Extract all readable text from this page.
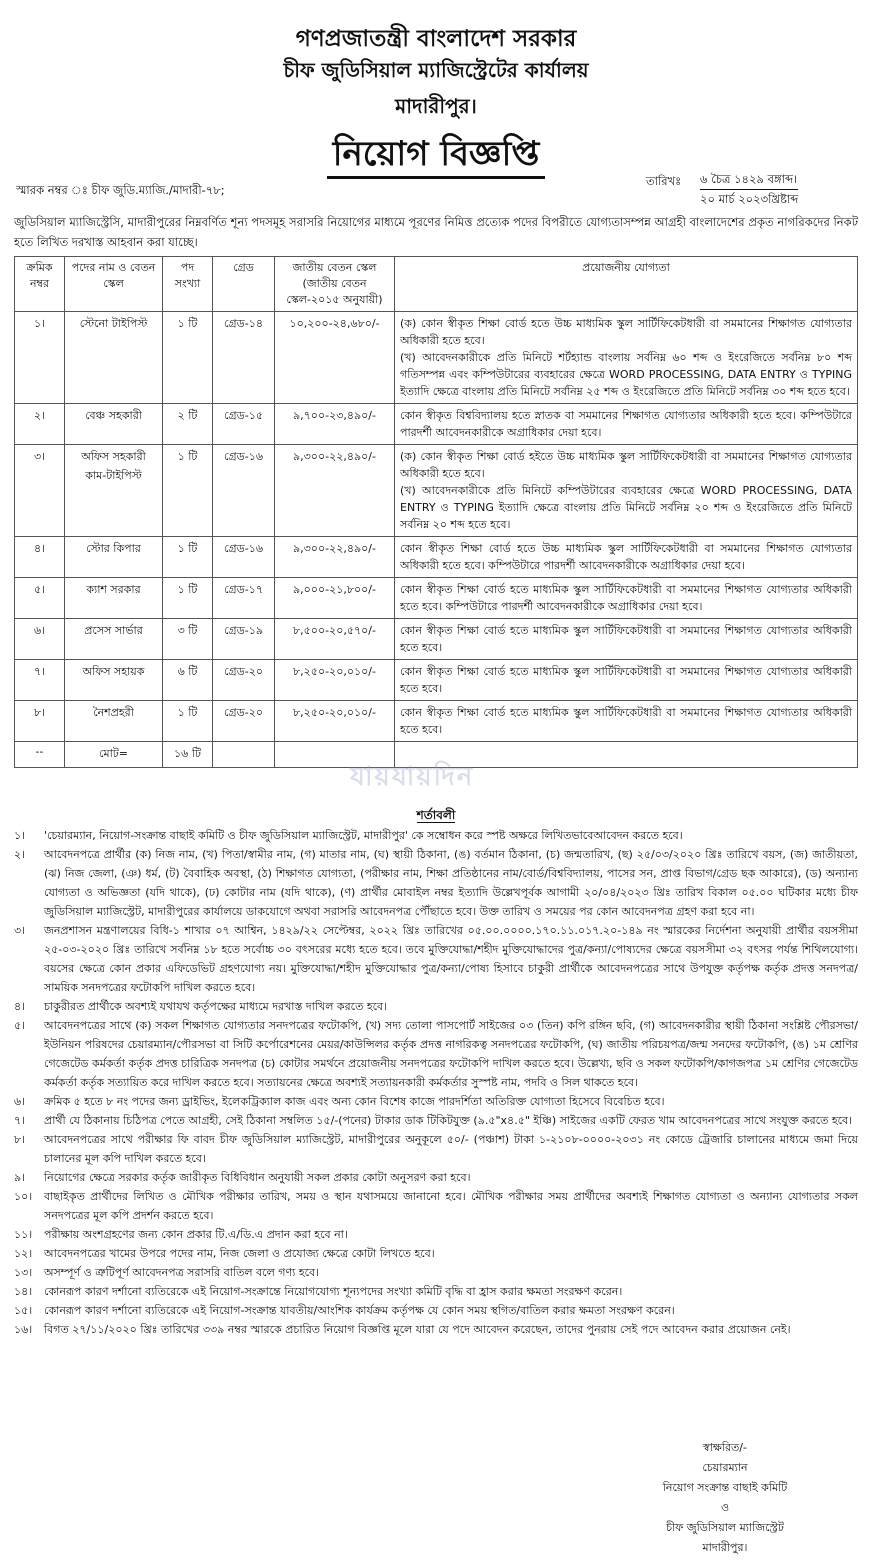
গণপ্রজাতন্ত্রী বাংলাদেশ সরকার
চীফ জুডিসিয়াল ম্যাজিস্ট্রেটের কার্যালয়
মাদারীপুর।
নিয়োগ বিজ্ঞপ্তি
স্মারক নম্বর ঃ চীফ জুডি.ম্যাজি./মাদারী-৭৮;
তারিখঃ ৬ চৈত্র ১৪২৯ বঙ্গাব্দ।
২০ মার্চ ২০২৩খ্রিষ্টাব্দ
জুডিসিয়াল ম্যাজিস্ট্রেসি, মাদারীপুরের নিম্নবর্ণিত শূন্য পদসমূহ সরাসরি নিয়োগের মাধ্যমে পূরণের নিমিত্ত প্রত্যেক পদের বিপরীতে যোগ্যতাসম্পন্ন আগ্রহী বাংলাদেশের প্রকৃত নাগরিকদের নিকট হতে লিখিত দরখাস্ত আহবান করা যাচ্ছে।
ক্রমিক নম্বর	পদের নাম ও বেতন স্কেল	পদ সংখ্যা	গ্রেড	জাতীয় বেতন স্কেল (জাতীয় বেতন স্কেল-২০১৫ অনুযায়ী)	প্রয়োজনীয় যোগ্যতা
১।	স্টেনো টাইপিস্ট	১ টি	গ্রেড-১৪	১০,২০০-২৪,৬৮০/-	(ক) কোন স্বীকৃত শিক্ষা বোর্ড হতে উচ্চ মাধ্যমিক স্কুল সার্টিফিকেটধারী বা সমমানের শিক্ষাগত যোগ্যতার অধিকারী হতে হবে।
(খ) আবেদনকারীকে প্রতি মিনিটে শর্টহ্যান্ড বাংলায় সর্বনিম্ন ৬০ শব্দ ও ইংরেজিতে সর্বনিম্ন ৮০ শব্দ গতিসম্পন্ন এবং কম্পিউটারের ব্যবহারের ক্ষেত্রে WORD PROCESSING, DATA ENTRY ও TYPING ইত্যাদি ক্ষেত্রে বাংলায় প্রতি মিনিটে সর্বনিম্ন ২৫ শব্দ ও ইংরেজিতে প্রতি মিনিটে সর্বনিম্ন ৩০ শব্দ হতে হবে।

২।	বেঞ্চ সহকারী	২ টি	গ্রেড-১৫	৯,৭০০-২৩,৪৯০/-	কোন স্বীকৃত বিশ্ববিদ্যালয় হতে স্নাতক বা সমমানের শিক্ষাগত যোগ্যতার অধিকারী হতে হবে। কম্পিউটারে পারদর্শী আবেদনকারীকে অগ্রাধিকার দেয়া হবে।

৩।	অফিস সহকারী কাম-টাইপিস্ট	১ টি	গ্রেড-১৬	৯,৩০০-২২,৪৯০/-	(ক) কোন স্বীকৃত শিক্ষা বোর্ড হইতে উচ্চ মাধ্যমিক স্কুল সার্টিফিকেটধারী বা সমমানের শিক্ষাগত যোগ্যতার অধিকারী হতে হবে।
(খ) আবেদনকারীকে প্রতি মিনিটে কম্পিউটারের ব্যবহারের ক্ষেত্রে WORD PROCESSING, DATA ENTRY ও TYPING ইত্যাদি ক্ষেত্রে বাংলায় প্রতি মিনিটে সর্বনিম্ন ২০ শব্দ ও ইংরেজিতে প্রতি মিনিটে সর্বনিম্ন ২০ শব্দ হতে হবে।

৪।	স্টোর কিপার	১ টি	গ্রেড-১৬	৯,৩০০-২২,৪৯০/-	কোন স্বীকৃত শিক্ষা বোর্ড হতে উচ্চ মাধ্যমিক স্কুল সার্টিফিকেটধারী বা সমমানের শিক্ষাগত যোগ্যতার অধিকারী হতে হবে। কম্পিউটারে পারদর্শী আবেদনকারীকে অগ্রাধিকার দেয়া হবে।

৫।	ক্যাশ সরকার	১ টি	গ্রেড-১৭	৯,০০০-২১,৮০০/-	কোন স্বীকৃত শিক্ষা বোর্ড হতে মাধ্যমিক স্কুল সার্টিফিকেটধারী বা সমমানের শিক্ষাগত যোগ্যতার অধিকারী হতে হবে। কম্পিউটারে পারদর্শী আবেদনকারীকে অগ্রাধিকার দেয়া হবে।

৬।	প্রসেস সার্ভার	৩ টি	গ্রেড-১৯	৮,৫০০-২০,৫৭০/-	কোন স্বীকৃত শিক্ষা বোর্ড হতে মাধ্যমিক স্কুল সার্টিফিকেটধারী বা সমমানের শিক্ষাগত যোগ্যতার অধিকারী হতে হবে।

৭।	অফিস সহায়ক	৬ টি	গ্রেড-২০	৮,২৫০-২০,০১০/-	কোন স্বীকৃত শিক্ষা বোর্ড হতে মাধ্যমিক স্কুল সার্টিফিকেটধারী বা সমমানের শিক্ষাগত যোগ্যতার অধিকারী হতে হবে।

৮।	নৈশপ্রহরী	১ টি	গ্রেড-২০	৮,২৫০-২০,০১০/-	কোন স্বীকৃত শিক্ষা বোর্ড হতে মাধ্যমিক স্কুল সার্টিফিকেটধারী বা সমমানের শিক্ষাগত যোগ্যতার অধিকারী হতে হবে।

--	মোট=	১৬ টি			
যায়যায়দিন
শর্তাবলী
১।	'চেয়ারম্যান, নিয়োগ-সংক্রান্ত বাছাই কমিটি ও চীফ জুডিসিয়াল ম্যাজিস্ট্রেট, মাদারীপুর' কে সম্বোধন করে স্পষ্ট অক্ষরে লিখিতভাবেআবেদন করতে হবে।
২।	আবেদনপত্রে প্রার্থীর (ক) নিজ নাম, (খ) পিতা/স্বামীর নাম, (গ) মাতার নাম, (ঘ) স্থায়ী ঠিকানা, (ঙ) বর্তমান ঠিকানা, (চ) জন্মতারিখ, (ছ) ২৫/০৩/২০২০ খ্রিঃ তারিখে বয়স, (জ) জাতীয়তা, (ঝ) নিজ জেলা, (ঞ) ধর্ম, (ট) বৈবাহিক অবস্থা, (ঠ) শিক্ষাগত যোগ্যতা, (পরীক্ষার নাম, শিক্ষা প্রতিষ্ঠানের নাম/বোর্ড/বিশ্ববিদ্যালয়, পাসের সন, প্রাপ্ত বিভাগ/গ্রেড ছক আকারে), (ড) অন্যান্য যোগ্যতা ও অভিজ্ঞতা (যদি থাকে), (ঢ) কোটার নাম (যদি থাকে), (ণ) প্রার্থীর মোবাইল নম্বর ইত্যাদি উল্লেখপূর্বক আগামী ২০/০৪/২০২৩ খ্রিঃ তারিখ বিকাল ০৫.০০ ঘটিকার মধ্যে চীফ জুডিসিয়াল ম্যাজিস্ট্রেট, মাদারীপুরের কার্যালয়ে ডাকযোগে অথবা সরাসরি আবেদনপত্র পৌঁছাতে হবে। উক্ত তারিখ ও সময়ের পর কোন আবেদনপত্র গ্রহণ করা হবে না।
৩।	জনপ্রশাসন মন্ত্রণালয়ের বিধি-১ শাখার ০৭ আশ্বিন, ১৪২৯/২২ সেপ্টেম্বর, ২০২২ খ্রিঃ তারিখের ০৫.০০.০০০০.১৭০.১১.০১৭.২০-১৪৯ নং স্মারকের নির্দেশনা অনুযায়ী প্রার্থীর বয়সসীমা ২৫-০৩-২০২০ খ্রিঃ তারিখে সর্বনিম্ন ১৮ হতে সর্বোচ্চ ৩০ বৎসরের মধ্যে হতে হবে। তবে মুক্তিযোদ্ধা/শহীদ মুক্তিযোদ্ধাদের পুত্র/কন্যা/পোষ্যদের ক্ষেত্রে বয়সসীমা ৩২ বৎসর পর্যন্ত শিথিলযোগ্য। বয়সের ক্ষেত্রে কোন প্রকার এফিডেভিট গ্রহণযোগ্য নয়। মুক্তিযোদ্ধা/শহীদ মুক্তিযোদ্ধার পুত্র/কন্যা/পোষ্য হিসাবে চাকুরী প্রার্থীকে আবেদনপত্রের সাথে উপযুক্ত কর্তৃপক্ষ কর্তৃক প্রদত্ত সনদপত্র/সাময়িক সনদপত্রের ফটোকপি দাখিল করতে হবে।
৪।	চাকুরীরত প্রার্থীকে অবশ্যই যথাযথ কর্তৃপক্ষের মাধ্যমে দরখাস্ত দাখিল করতে হবে।
৫।	আবেদনপত্রের সাথে (ক) সকল শিক্ষাগত যোগ্যতার সনদপত্রের ফটোকপি, (খ) সদ্য তোলা পাসপোর্ট সাইজের ০৩ (তিন) কপি রঙ্গিন ছবি, (গ) আবেদনকারীর স্থায়ী ঠিকানা সংশ্লিষ্ট পৌরসভা/ইউনিয়ন পরিষদের চেয়ারম্যান/পৌরসভা বা সিটি কর্পোরেশনের মেয়র/কাউন্সিলর কর্তৃক প্রদত্ত নাগরিকত্ব সনদপত্রের ফটোকপি, (ঘ) জাতীয় পরিচয়পত্র/জন্ম সনদের ফটোকপি, (ঙ) ১ম শ্রেণির গেজেটেড কর্মকর্তা কর্তৃক প্রদত্ত চারিত্রিক সনদপত্র (চ) কোটার সমর্থনে প্রয়োজনীয় সনদপত্রের ফটোকপি দাখিল করতে হবে। উল্লেখ্য, ছবি ও সকল ফটোকপি/কাগজপত্র ১ম শ্রেণির গেজেটেড কর্মকর্তা কর্তৃক সত্যায়িত করে দাখিল করতে হবে। সত্যায়নের ক্ষেত্রে অবশ্যই সত্যায়নকারী কর্মকর্তার সুস্পষ্ট নাম, পদবি ও সিল থাকতে হবে।
৬।	ক্রমিক ৫ হতে ৮ নং পদের জন্য ড্রাইভিং, ইলেকট্রিক্যাল কাজ এবং অন্য কোন বিশেষ কাজে পারদর্শিতা অতিরিক্ত যোগ্যতা হিসেবে বিবেচিত হবে।
৭।	প্রার্থী যে ঠিকানায় চিঠিপত্র পেতে আগ্রহী, সেই ঠিকানা সম্বলিত ১৫/-(পনের) টাকার ডাক টিকিটযুক্ত (৯.৫"x৪.৫" ইঞ্চি) সাইজের একটি ফেরত খাম আবেদনপত্রের সাথে সংযুক্ত করতে হবে।
৮।	আবেদনপত্রের সাথে পরীক্ষার ফি বাবদ চীফ জুডিসিয়াল ম্যাজিস্ট্রেট, মাদারীপুরের অনুকূলে ৫০/- (পঞ্চাশ) টাকা ১-২১০৮-০০০০-২০৩১ নং কোডে ট্রেজারি চালানের মাধ্যমে জমা দিয়ে চালানের মূল কপি দাখিল করতে হবে।
৯।	নিয়োগের ক্ষেত্রে সরকার কর্তৃক জারীকৃত বিধিবিধান অনুযায়ী সকল প্রকার কোটা অনুসরণ করা হবে।
১০।	বাছাইকৃত প্রার্থীদের লিখিত ও মৌখিক পরীক্ষার তারিখ, সময় ও স্থান যথাসময়ে জানানো হবে। মৌখিক পরীক্ষার সময় প্রার্থীদের অবশ্যই শিক্ষাগত যোগ্যতা ও অন্যান্য যোগ্যতার সকল সনদপত্রের মূল কপি প্রদর্শন করতে হবে।
১১।	পরীক্ষায় অংশগ্রহণের জন্য কোন প্রকার টি.এ/ডি.এ প্রদান করা হবে না।
১২।	আবেদনপত্রের খামের উপরে পদের নাম, নিজ জেলা ও প্রযোজ্য ক্ষেত্রে কোটা লিখতে হবে।
১৩।	অসম্পূর্ণ ও ত্রুটিপূর্ণ আবেদনপত্র সরাসরি বাতিল বলে গণ্য হবে।
১৪।	কোনরূপ কারণ দর্শানো ব্যতিরেকে এই নিয়োগ-সংক্রান্তে নিয়োগযোগ্য শূন্যপদের সংখ্যা কমিটি বৃদ্ধি বা হ্রাস করার ক্ষমতা সংরক্ষণ করেন।
১৫।	কোনরূপ কারণ দর্শানো ব্যতিরেকে এই নিয়োগ-সংক্রান্ত যাবতীয়/আংশিক কার্যক্রম কর্তৃপক্ষ যে কোন সময় স্থগিত/বাতিল করার ক্ষমতা সংরক্ষণ করেন।
১৬।	বিগত ২৭/১১/২০২০ খ্রিঃ তারিখের ৩৩৯ নম্বর স্মারকে প্রচারিত নিয়োগ বিজ্ঞপ্তি মূলে যারা যে পদে আবেদন করেছেন, তাদের পুনরায় সেই পদে আবেদন করার প্রয়োজন নেই।
স্বাক্ষরিত/-
চেয়ারম্যান
নিয়োগ সংক্রান্ত বাছাই কমিটি
ও
চীফ জুডিসিয়াল ম্যাজিস্ট্রেট
মাদারীপুর।
